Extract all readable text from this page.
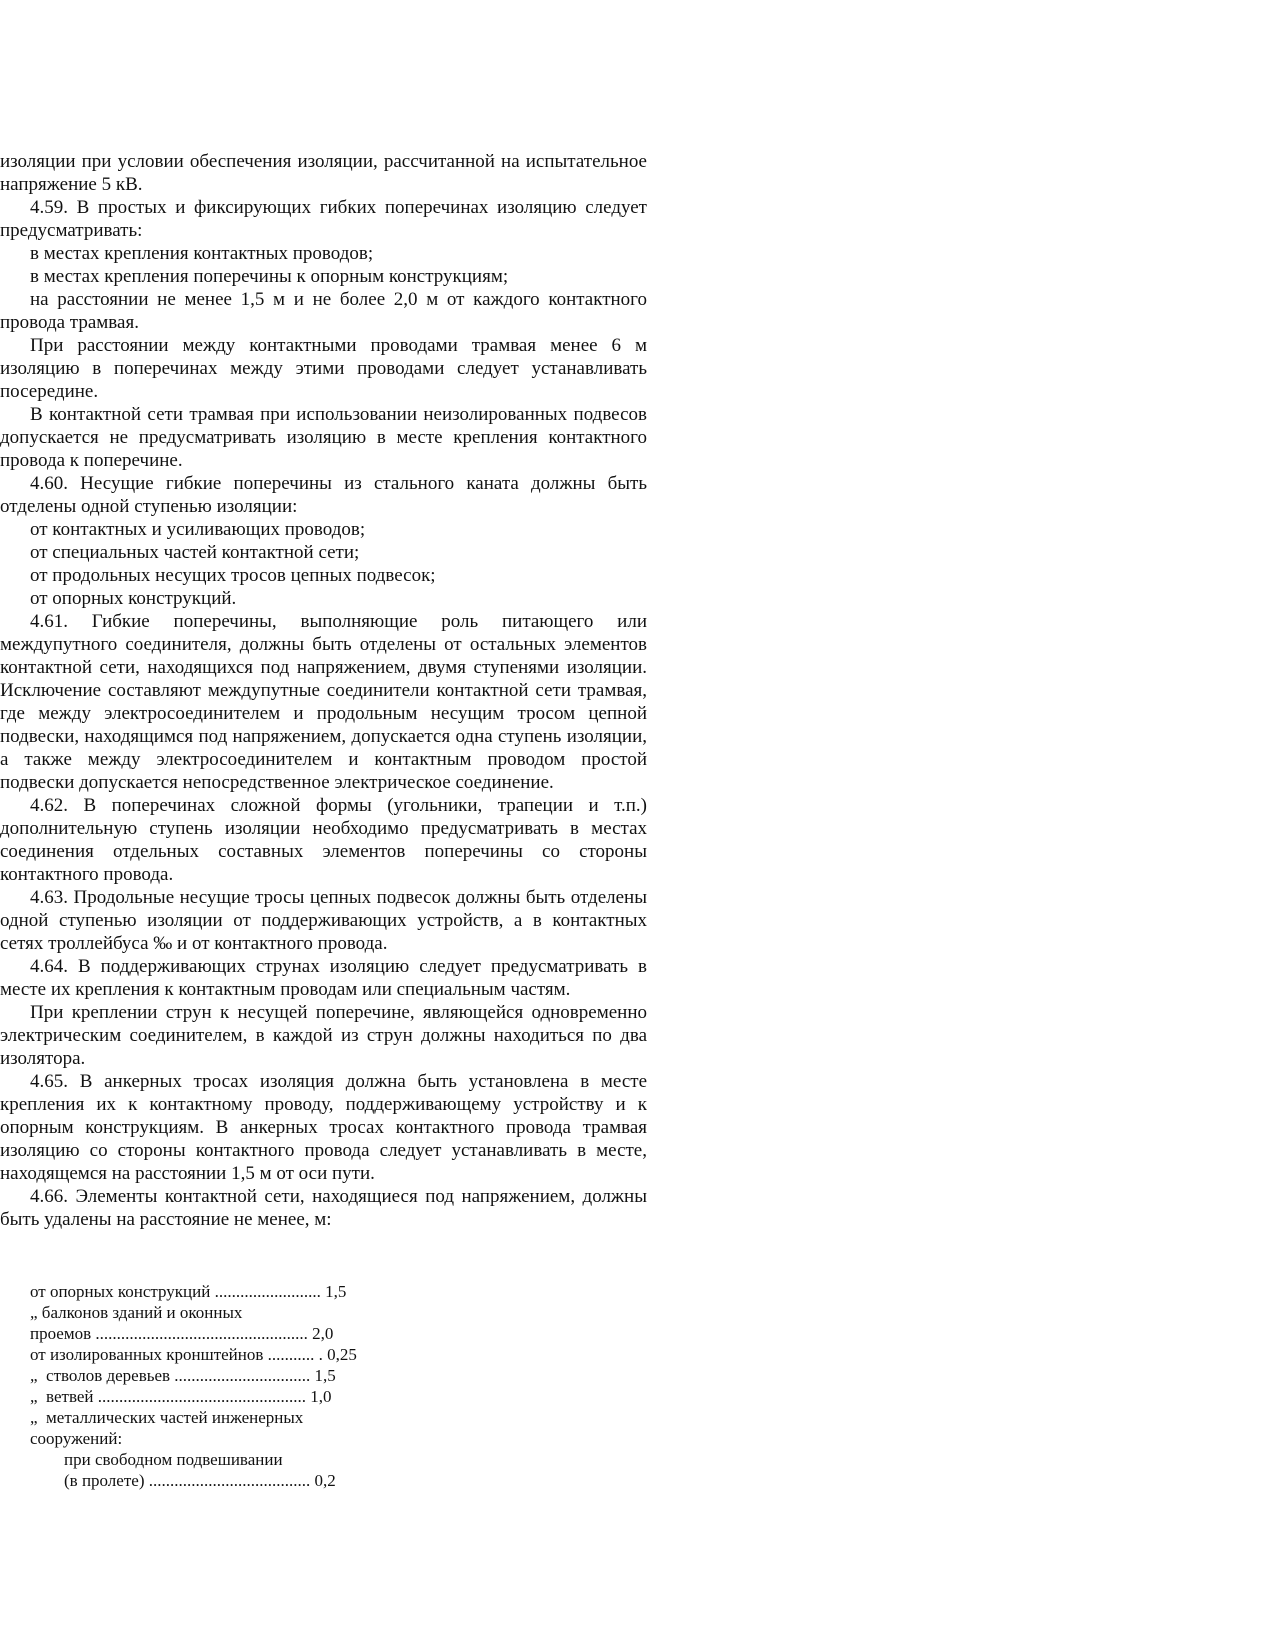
изоляции при условии обеспечения изоляции, рассчитанной на испытательное напряжение 5 кВ.

4.59. В простых и фиксирующих гибких поперечинах изоляцию следует предусматривать:

в местах крепления контактных проводов;

в местах крепления поперечины к опорным конструкциям;

на расстоянии не менее 1,5 м и не более 2,0 м от каждого контактного провода трамвая.

При расстоянии между контактными проводами трамвая менее 6 м изоляцию в поперечинах между этими проводами следует устанавливать посередине.

В контактной сети трамвая при использовании неизолированных подвесов допускается не предусматривать изоляцию в месте крепления контактного провода к поперечине.

4.60. Несущие гибкие поперечины из стального каната должны быть отделены одной ступенью изоляции:

от контактных и усиливающих проводов;

от специальных частей контактной сети;

от продольных несущих тросов цепных подвесок;

от опорных конструкций.

4.61. Гибкие поперечины, выполняющие роль питающего или междупутного соединителя, должны быть отделены от остальных элементов контактной сети, находящихся под напряжением, двумя ступенями изоляции. Исключение составляют междупутные соединители контактной сети трамвая, где между электросоединителем и продольным несущим тросом цепной подвески, находящимся под напряжением, допускается одна ступень изоляции, а также между электросоединителем и контактным проводом простой подвески допускается непосредственное электрическое соединение.

4.62. В поперечинах сложной формы (угольники, трапеции и т.п.) дополнительную ступень изоляции необходимо предусматривать в местах соединения отдельных составных элементов поперечины со стороны контактного провода.

4.63. Продольные несущие тросы цепных подвесок должны быть отделены одной ступенью изоляции от поддерживающих устройств, а в контактных сетях троллейбуса ‰ и от контактного провода.

4.64. В поддерживающих струнах изоляцию следует предусматривать в месте их крепления к контактным проводам или специальным частям.

При креплении струн к несущей поперечине, являющейся одновременно электрическим соединителем, в каждой из струн должны находиться по два изолятора.

4.65. В анкерных тросах изоляция должна быть установлена в месте крепления их к контактному проводу, поддерживающему устройству и к опорным конструкциям. В анкерных тросах контактного провода трамвая изоляцию со стороны контактного провода следует устанавливать в месте, находящемся на расстоянии 1,5 м от оси пути.

4.66. Элементы контактной сети, находящиеся под напряжением, должны быть удалены на расстояние не менее, м:

от опорных конструкций ......................... 1,5

„ балконов зданий и оконных

проемов .................................................. 2,0

от изолированных кронштейнов ........... . 0,25

„  стволов деревьев ................................ 1,5

„  ветвей ................................................. 1,0

„  металлических частей инженерных

сооружений:

при свободном подвешивании

(в пролете) ...................................... 0,2
